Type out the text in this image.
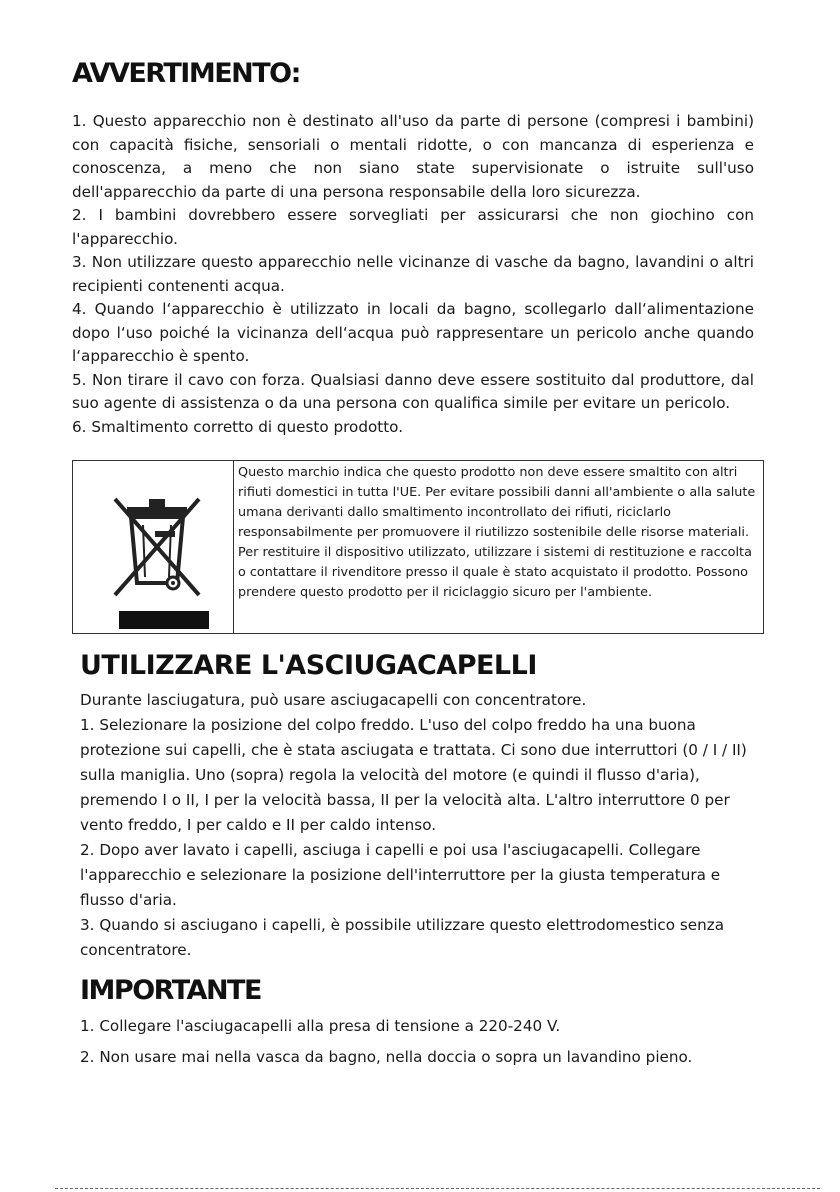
AVVERTIMENTO:

1. Questo apparecchio non è destinato all'uso da parte di persone (compresi i bambini) con capacità fisiche, sensoriali o mentali ridotte, o con mancanza di esperienza e conoscenza, a meno che non siano state supervisionate o istruite sull'uso dell'apparecchio da parte di una persona responsabile della loro sicurezza.

2. I bambini dovrebbero essere sorvegliati per assicurarsi che non giochino con l'apparecchio.

3. Non utilizzare questo apparecchio nelle vicinanze di vasche da bagno, lavandini o altri recipienti contenenti acqua.

4. Quando l‘apparecchio è utilizzato in locali da bagno, scollegarlo dall‘alimentazione dopo l‘uso poiché la vicinanza dell‘acqua può rappresentare un pericolo anche quando l‘apparecchio è spento.

5. Non tirare il cavo con forza. Qualsiasi danno deve essere sostituito dal produttore, dal suo agente di assistenza o da una persona con qualifica simile per evitare un pericolo.

6. Smaltimento corretto di questo prodotto.

	Questo marchio indica che questo prodotto non deve essere smaltito con altri rifiuti domestici in tutta l'UE. Per evitare possibili danni all'ambiente o alla salute umana derivanti dallo smaltimento incontrollato dei rifiuti, riciclarlo responsabilmente per promuovere il riutilizzo sostenibile delle risorse materiali. Per restituire il dispositivo utilizzato, utilizzare i sistemi di restituzione e raccolta o contattare il rivenditore presso il quale è stato acquistato il prodotto. Possono prendere questo prodotto per il riciclaggio sicuro per l'ambiente.
UTILIZZARE L'ASCIUGACAPELLI

Durante lasciugatura, può usare asciugacapelli con concentratore.

1. Selezionare la posizione del colpo freddo. L'uso del colpo freddo ha una buona protezione sui capelli, che è stata asciugata e trattata. Ci sono due interruttori (0 / I / II) sulla maniglia. Uno (sopra) regola la velocità del motore (e quindi il flusso d'aria), premendo I o II, I per la velocità bassa, II per la velocità alta. L'altro interruttore 0 per vento freddo, I per caldo e II per caldo intenso.

2. Dopo aver lavato i capelli, asciuga i capelli e poi usa l'asciugacapelli. Collegare l'apparecchio e selezionare la posizione dell'interruttore per la giusta temperatura e flusso d'aria.

3. Quando si asciugano i capelli, è possibile utilizzare questo elettrodomestico senza concentratore.

IMPORTANTE

1. Collegare l'asciugacapelli alla presa di tensione a 220-240 V.

2. Non usare mai nella vasca da bagno, nella doccia o sopra un lavandino pieno.
